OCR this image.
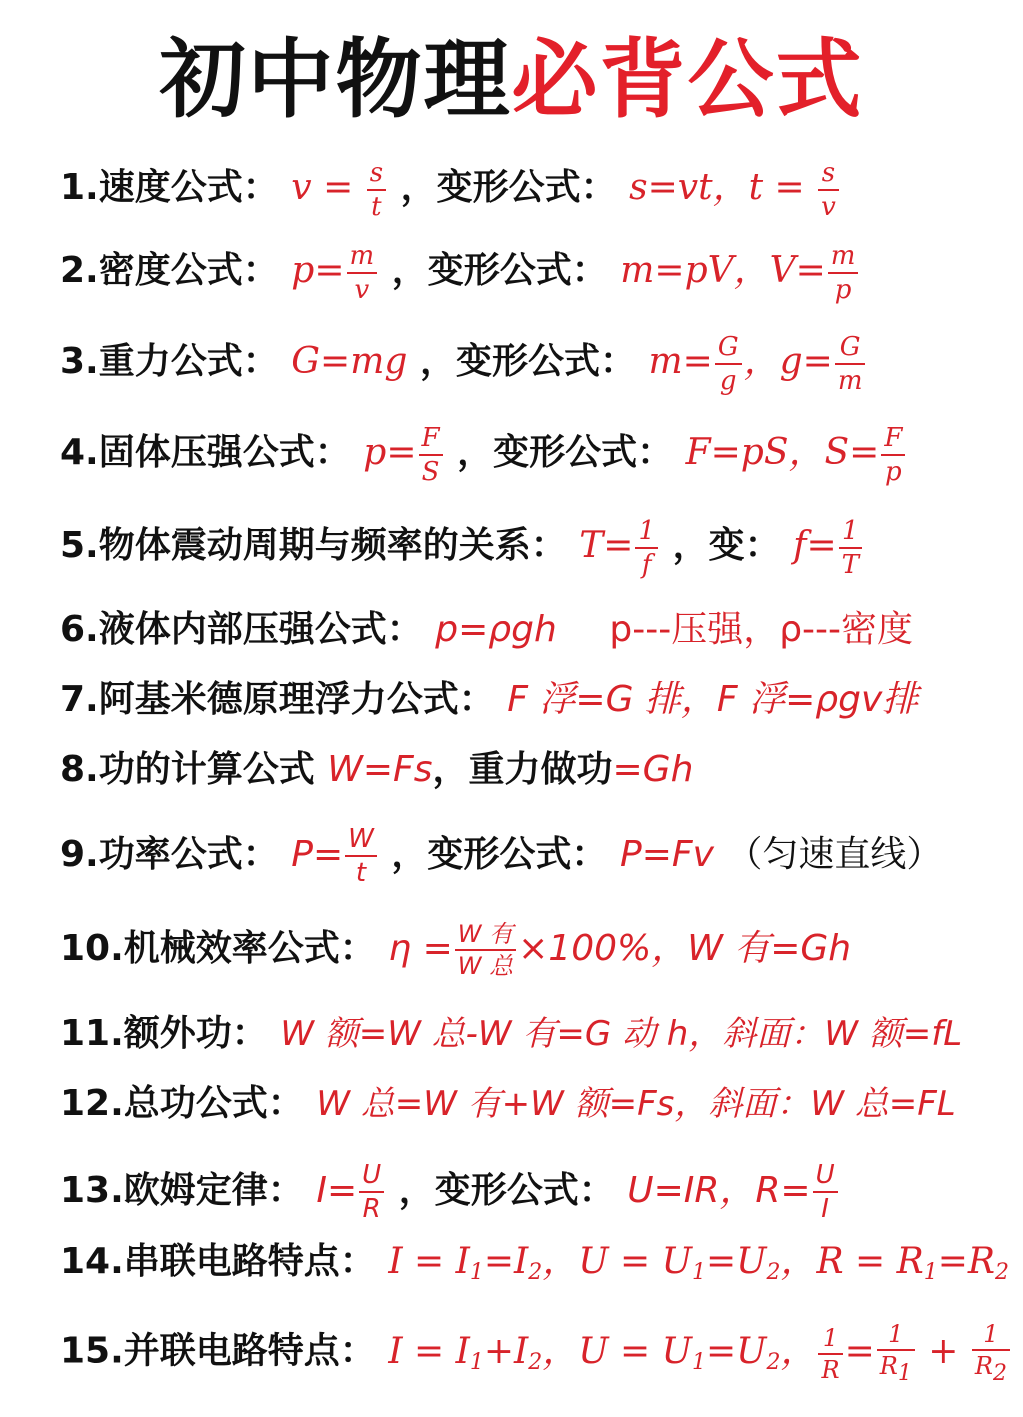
初中物理必背公式
1.速度公式： $v = \frac{s}{t}$ ，变形公式： s=vt，$t = \frac{s}{v}$
2.密度公式： $p= \frac{m}{v}$ ，变形公式： m=pV，$V= \frac{m}{p}$
3.重力公式： G=mg ，变形公式： $m= \frac{G}{g}$ ，$g= \frac{G}{m}$
4.固体压强公式： $p= \frac{F}{S}$ ，变形公式： F=pS，$S= \frac{F}{p}$
5.物体震动周期与频率的关系： $T= \frac{1}{f}$ ，变： $f= \frac{1}{T}$
6.液体内部压强公式： p=ρgh p---压强，ρ---密度
7.阿基米德原理浮力公式： F 浮=G 排，F 浮=ρgv排
8.功的计算公式 W=Fs，重力做功=Gh
9.功率公式： $P= \frac{W}{t}$ ，变形公式： P=Fv （匀速直线）
10.机械效率公式： $\eta = \frac{\text{W 有}}{\text{W 总}} \times 100\%$，W 有=Gh
11.额外功： W 额=W 总-W 有=G 动 h，斜面：W 额=fL
12.总功公式： W 总=W 有+W 额=Fs，斜面：W 总=FL
13.欧姆定律： $I= \frac{U}{R}$ ，变形公式： U=IR，$R= \frac{U}{I}$
14.串联电路特点： $I = I_1=I_2$，$U = U_1=U_2$，$R = R_1=R_2$
15.并联电路特点： $I = I_1+I_2$，$U = U_1=U_2$， $\frac{1}{R} = \frac{1}{R_1} + \frac{1}{R_2}$
